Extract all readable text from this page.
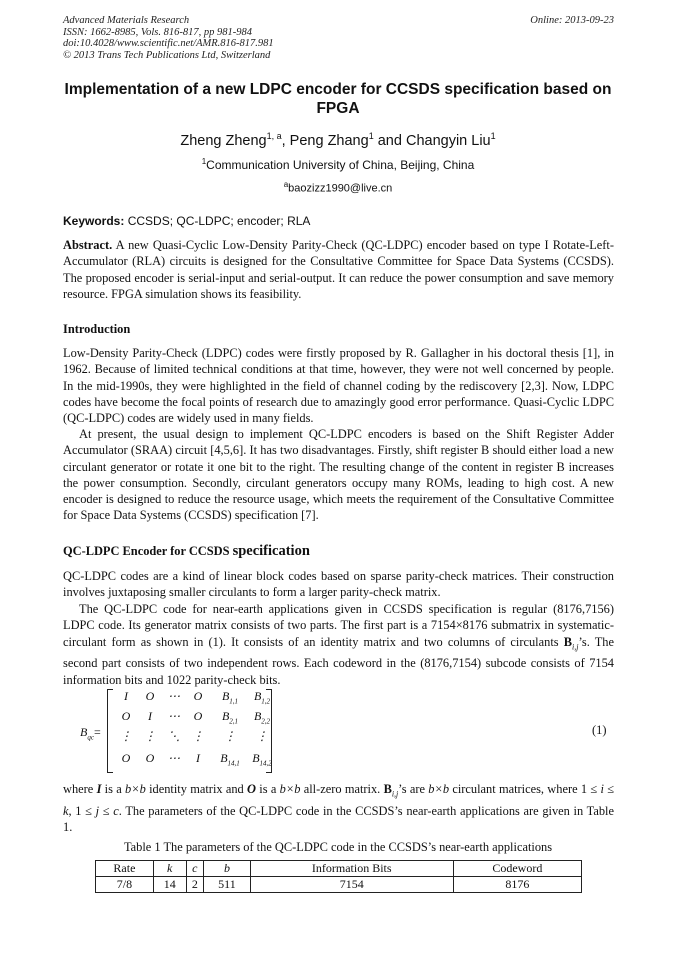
Advanced Materials Research
ISSN: 1662-8985, Vols. 816-817, pp 981-984
doi:10.4028/www.scientific.net/AMR.816-817.981
© 2013 Trans Tech Publications Ltd, Switzerland
Online: 2013-09-23
Implementation of a new LDPC encoder for CCSDS specification based on FPGA
Zheng Zheng$^{1, a}$, Peng Zhang$^1$ and Changyin Liu$^1$
$^1$Communication University of China, Beijing, China
$^a$baozizz1990@live.cn
Keywords: CCSDS; QC-LDPC; encoder; RLA
Abstract. A new Quasi-Cyclic Low-Density Parity-Check (QC-LDPC) encoder based on type I Rotate-Left-Accumulator (RLA) circuits is designed for the Consultative Committee for Space Data Systems (CCSDS). The proposed encoder is serial-input and serial-output. It can reduce the power consumption and save memory resource. FPGA simulation shows its feasibility.
Introduction
Low-Density Parity-Check (LDPC) codes were firstly proposed by R. Gallagher in his doctoral thesis [1], in 1962. Because of limited technical conditions at that time, however, they were not well concerned by people. In the mid-1990s, they were highlighted in the field of channel coding by the rediscovery [2,3]. Now, LDPC codes have become the focal points of research due to amazingly good error performance. Quasi-Cyclic LDPC (QC-LDPC) codes are widely used in many fields.
At present, the usual design to implement QC-LDPC encoders is based on the Shift Register Adder Accumulator (SRAA) circuit [4,5,6]. It has two disadvantages. Firstly, shift register B should either load a new circulant generator or rotate it one bit to the right. The resulting change of the content in register B increases the power consumption. Secondly, circulant generators occupy many ROMs, leading to high cost. A new encoder is designed to reduce the resource usage, which meets the requirement of the Consultative Committee for Space Data Systems (CCSDS) specification [7].
QC-LDPC Encoder for CCSDS specification
QC-LDPC codes are a kind of linear block codes based on sparse parity-check matrices. Their construction involves juxtaposing smaller circulants to form a larger parity-check matrix.
The QC-LDPC code for near-earth applications given in CCSDS specification is regular (8176,7156) LDPC code. Its generator matrix consists of two parts. The first part is a 7154×8176 submatrix in systematic-circulant form as shown in (1). It consists of an identity matrix and two columns of circulants $B_{i,j}’s$. The second part consists of two independent rows. Each codeword in the (8176,7154) subcode consists of 7154 information bits and 1022 parity-check bits.
$B_{qc}=$
I	O	⋯	O	$B_{1,1}$	$B_{1,2}$
O	I	⋯	O	$B_{2,1}$	$B_{2,2}$
⋮	⋮	⋱	⋮	⋮	⋮
O	O	⋯	I	$B_{14,1}$	$B_{14,2}$
(1)
where I is a b×b identity matrix and O is a b×b all-zero matrix. $B_{i,j}’s$ are b×b circulant matrices, where 1 ≤ i ≤ k, 1 ≤ j ≤ c. The parameters of the QC-LDPC code in the CCSDS’s near-earth applications are given in Table 1.
Table 1 The parameters of the QC-LDPC code in the CCSDS’s near-earth applications
Rate	k	c	b	Information Bits	Codeword
7/8	14	2	511	7154	8176
